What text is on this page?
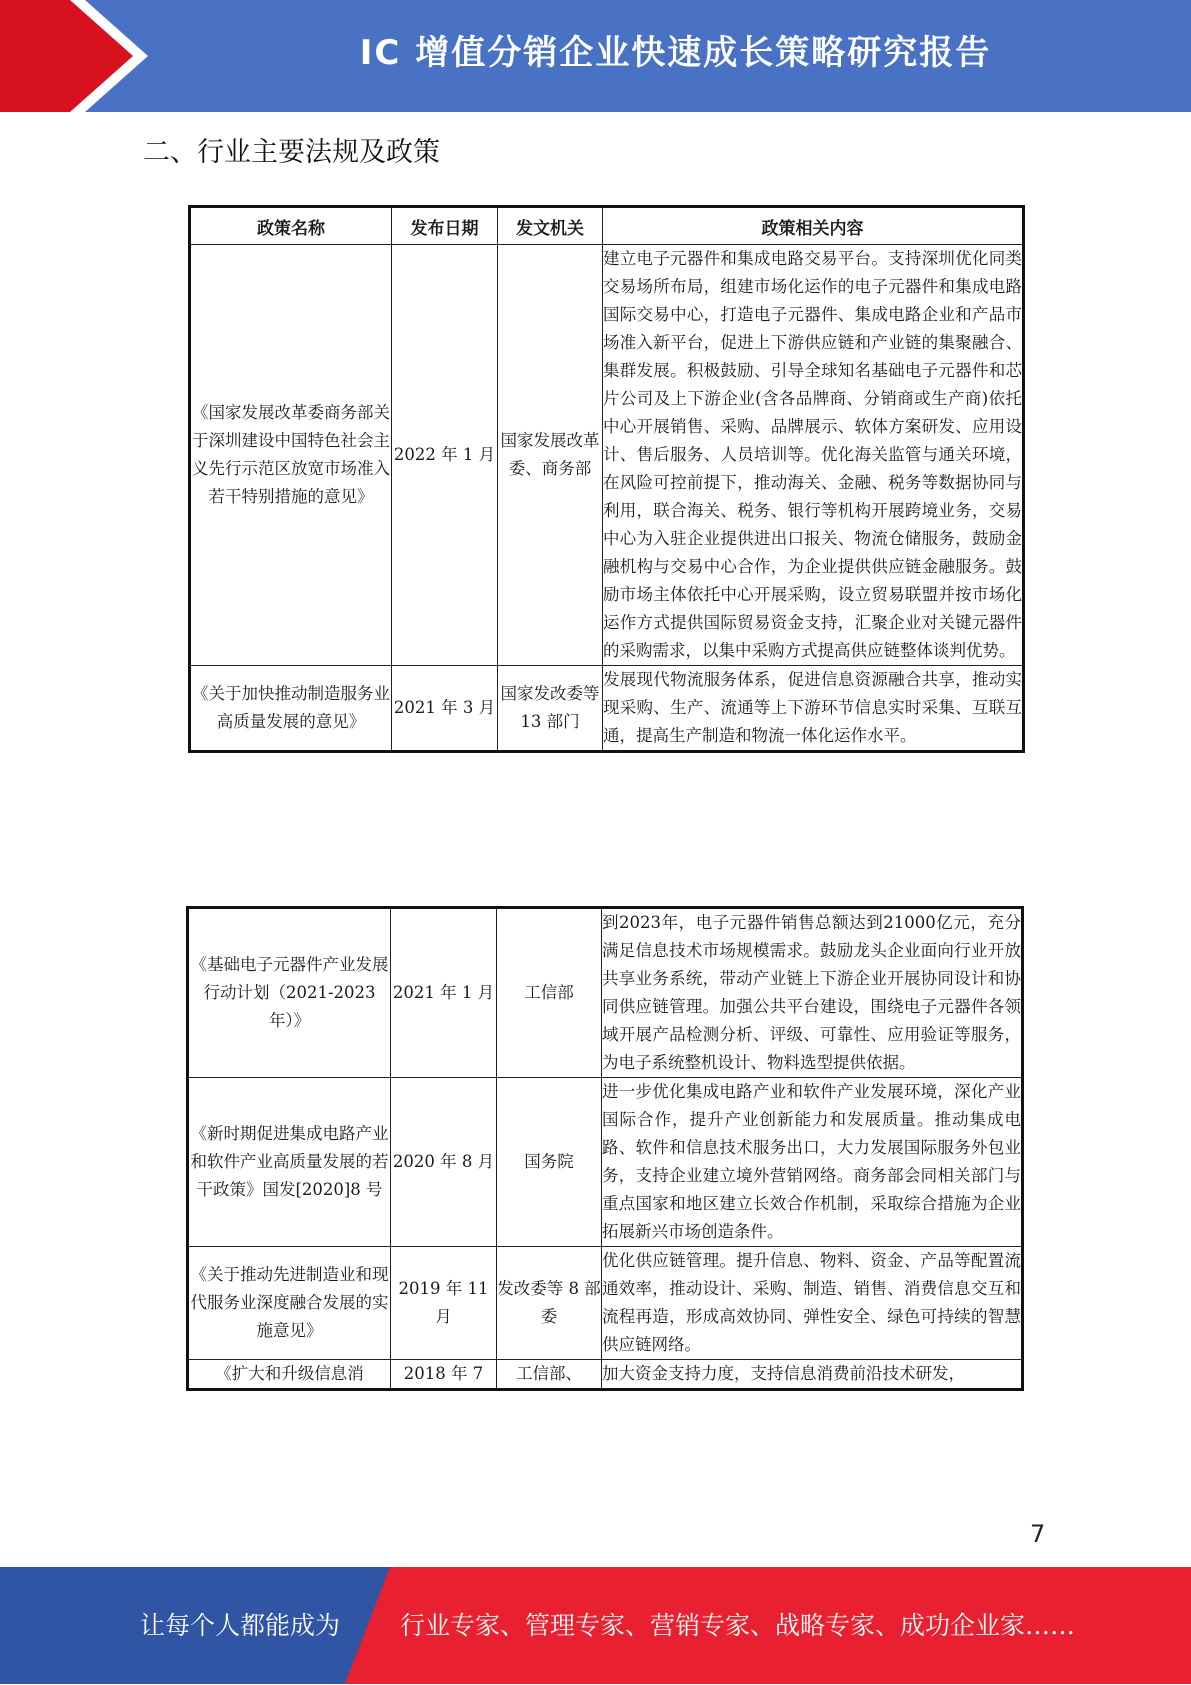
IC 增值分销企业快速成长策略研究报告
二、行业主要法规及政策
政策名称	发布日期	发文机关	政策相关内容
《国家发展改革委商务部关于深圳建设中国特色社会主义先行示范区放宽市场准入若干特别措施的意见》	2022 年 1 月	国家发展改革委、商务部	建立电子元器件和集成电路交易平台。支持深圳优化同类交易场所布局，组建市场化运作的电子元器件和集成电路国际交易中心，打造电子元器件、集成电路企业和产品市场准入新平台，促进上下游供应链和产业链的集聚融合、集群发展。积极鼓励、引导全球知名基础电子元器件和芯片公司及上下游企业(含各品牌商、分销商或生产商)依托中心开展销售、采购、品牌展示、软体方案研发、应用设计、售后服务、人员培训等。优化海关监管与通关环境，在风险可控前提下，推动海关、金融、税务等数据协同与利用，联合海关、税务、银行等机构开展跨境业务，交易中心为入驻企业提供进出口报关、物流仓储服务，鼓励金融机构与交易中心合作，为企业提供供应链金融服务。鼓励市场主体依托中心开展采购，设立贸易联盟并按市场化运作方式提供国际贸易资金支持，汇聚企业对关键元器件的采购需求，以集中采购方式提高供应链整体谈判优势。
《关于加快推动制造服务业高质量发展的意见》	2021 年 3 月	国家发改委等 13 部门	发展现代物流服务体系，促进信息资源融合共享，推动实现采购、生产、流通等上下游环节信息实时采集、互联互通，提高生产制造和物流一体化运作水平。
《基础电子元器件产业发展行动计划（2021-2023 年）》	2021 年 1 月	工信部	到2023年，电子元器件销售总额达到21000亿元，充分满足信息技术市场规模需求。鼓励龙头企业面向行业开放共享业务系统，带动产业链上下游企业开展协同设计和协同供应链管理。加强公共平台建设，围绕电子元器件各领域开展产品检测分析、评级、可靠性、应用验证等服务，为电子系统整机设计、物料选型提供依据。
《新时期促进集成电路产业和软件产业高质量发展的若干政策》国发[2020]8 号	2020 年 8 月	国务院	进一步优化集成电路产业和软件产业发展环境，深化产业国际合作，提升产业创新能力和发展质量。推动集成电路、软件和信息技术服务出口，大力发展国际服务外包业务，支持企业建立境外营销网络。商务部会同相关部门与重点国家和地区建立长效合作机制，采取综合措施为企业拓展新兴市场创造条件。
《关于推动先进制造业和现代服务业深度融合发展的实施意见》	2019 年 11 月	发改委等 8 部委	优化供应链管理。提升信息、物料、资金、产品等配置流通效率，推动设计、采购、制造、销售、消费信息交互和流程再造，形成高效协同、弹性安全、绿色可持续的智慧供应链网络。
《扩大和升级信息消	2018 年 7	工信部、	加大资金支持力度，支持信息消费前沿技术研发，
7
让每个人都能成为 行业专家、管理专家、营销专家、战略专家、成功企业家……
